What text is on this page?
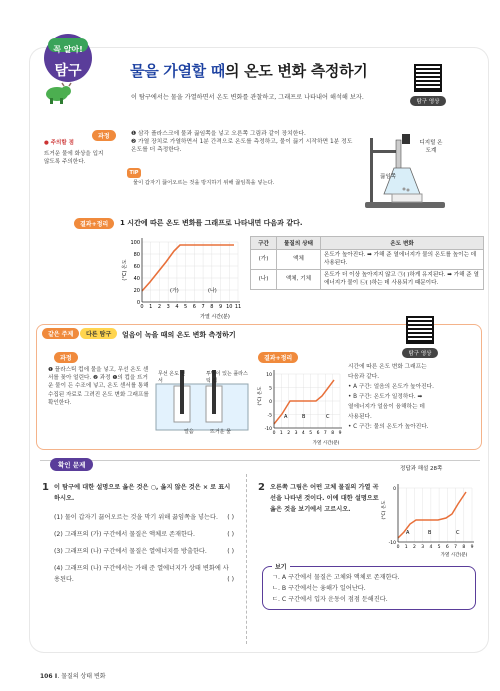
꼭 알아!
탐구	물을 가열할 때의 온도 변화 측정하기
이 탐구에서는 물을 가열하면서 온도 변화를 관찰하고, 그래프로 나타내어 해석해 보자.
탐구 영상
과정
● 주의할 점
뜨거운 물에 화상을 입지 않도록 주의한다.
❶ 삼각 플라스크에 물과 끓임쪽을 넣고 오른쪽 그림과 같이 장치한다.
❷ 가열 장치로 가열하면서 1분 간격으로 온도를 측정하고, 물이 끓기 시작하면 1분 정도
온도를 더 측정한다.
TIP
물이 갑자기 끓어오르는 것을 방지하기 위해 끓임쪽을 넣는다.
디지털 온도계
끓임쪽
결과+정리	1 시간에 따른 온도 변화를 그래프로 나타내면 다음과 같다.
100
80
60
40
20
0
0 1 2 3 4 5 6 7 8 9 10 11
(가)	(나)
(°C) 온도
가열 시간(분)
구간	물질의 상태	온도 변화
(가)	액체	온도가 높아진다. ➡ 가해 준 열에너지가 물의 온도를 높이는 데 사용된다.
(나)	액체, 기체	온도가 더 이상 높아지지 않고 ㉠( )하게 유지된다. ➡ 가해 준 열에너지가 물이 ㉡( )하는 데 사용되기 때문이다.
같은 주제	다른 탐구	얼음이 녹을 때의 온도 변화 측정하기
탐구 영상
과정
❶ 플라스틱 컵에 물을 넣고, 무선 온도 센서를 꽂아 얼린다. ❷ 과정 ❶의 컵을 뜨거운 물이 든 수조에 넣고, 온도 센서를 통해 수집된 자료로 그려진 온도 변화 그래프를 확인한다.
무선 온도 센서
투명이 있는 플라스틱 컵
얼음	뜨거운 물
결과+정리
10
5
0
-5
-10
0 1 2 3 4 5 6 7 8 9
A	B	C
(°C) 온도
가열 시간(분)
시간에 따른 온도 변화 그래프는
다음과 같다.
• A 구간: 얼음의 온도가 높아진다.
• B 구간: 온도가 일정하다. ➡
열에너지가 얼음이 융해하는 데
사용된다.
• C 구간: 물의 온도가 높아진다.
확인 문제	정답과 해설 28쪽
1 이 탐구에 대한 설명으로 옳은 것은 ○, 옳지 않은 것은 × 로 표시하시오.
(1) 물이 갑자기 끓어오르는 것을 막기 위해 끓임쪽을 넣는다. ( )
(2) 그래프의 (가) 구간에서 물질은 액체로 존재한다.	( )
(3) 그래프의 (나) 구간에서 물질은 열에너지를 방출한다.	( )
(4) 그래프의 (나) 구간에서는 가해 준 열에너지가 상태 변화에 사용된다.	( )
2 오른쪽 그림은 어떤 고체 물질의 가열 곡선을 나타낸 것이다. 이에 대한 설명으로 옳은 것을 보기에서 고르시오.
0
-10
0 1 2 3 4 5 6 7 8 9
A	B	C
(°C) 온도
가열 시간(분)
보기
ㄱ. A 구간에서 물질은 고체와 액체로 존재한다.
ㄴ. B 구간에서는 융해가 일어난다.
ㄷ. C 구간에서 입자 운동이 점점 둔해진다.
106 Ⅱ. 물질의 상태 변화
